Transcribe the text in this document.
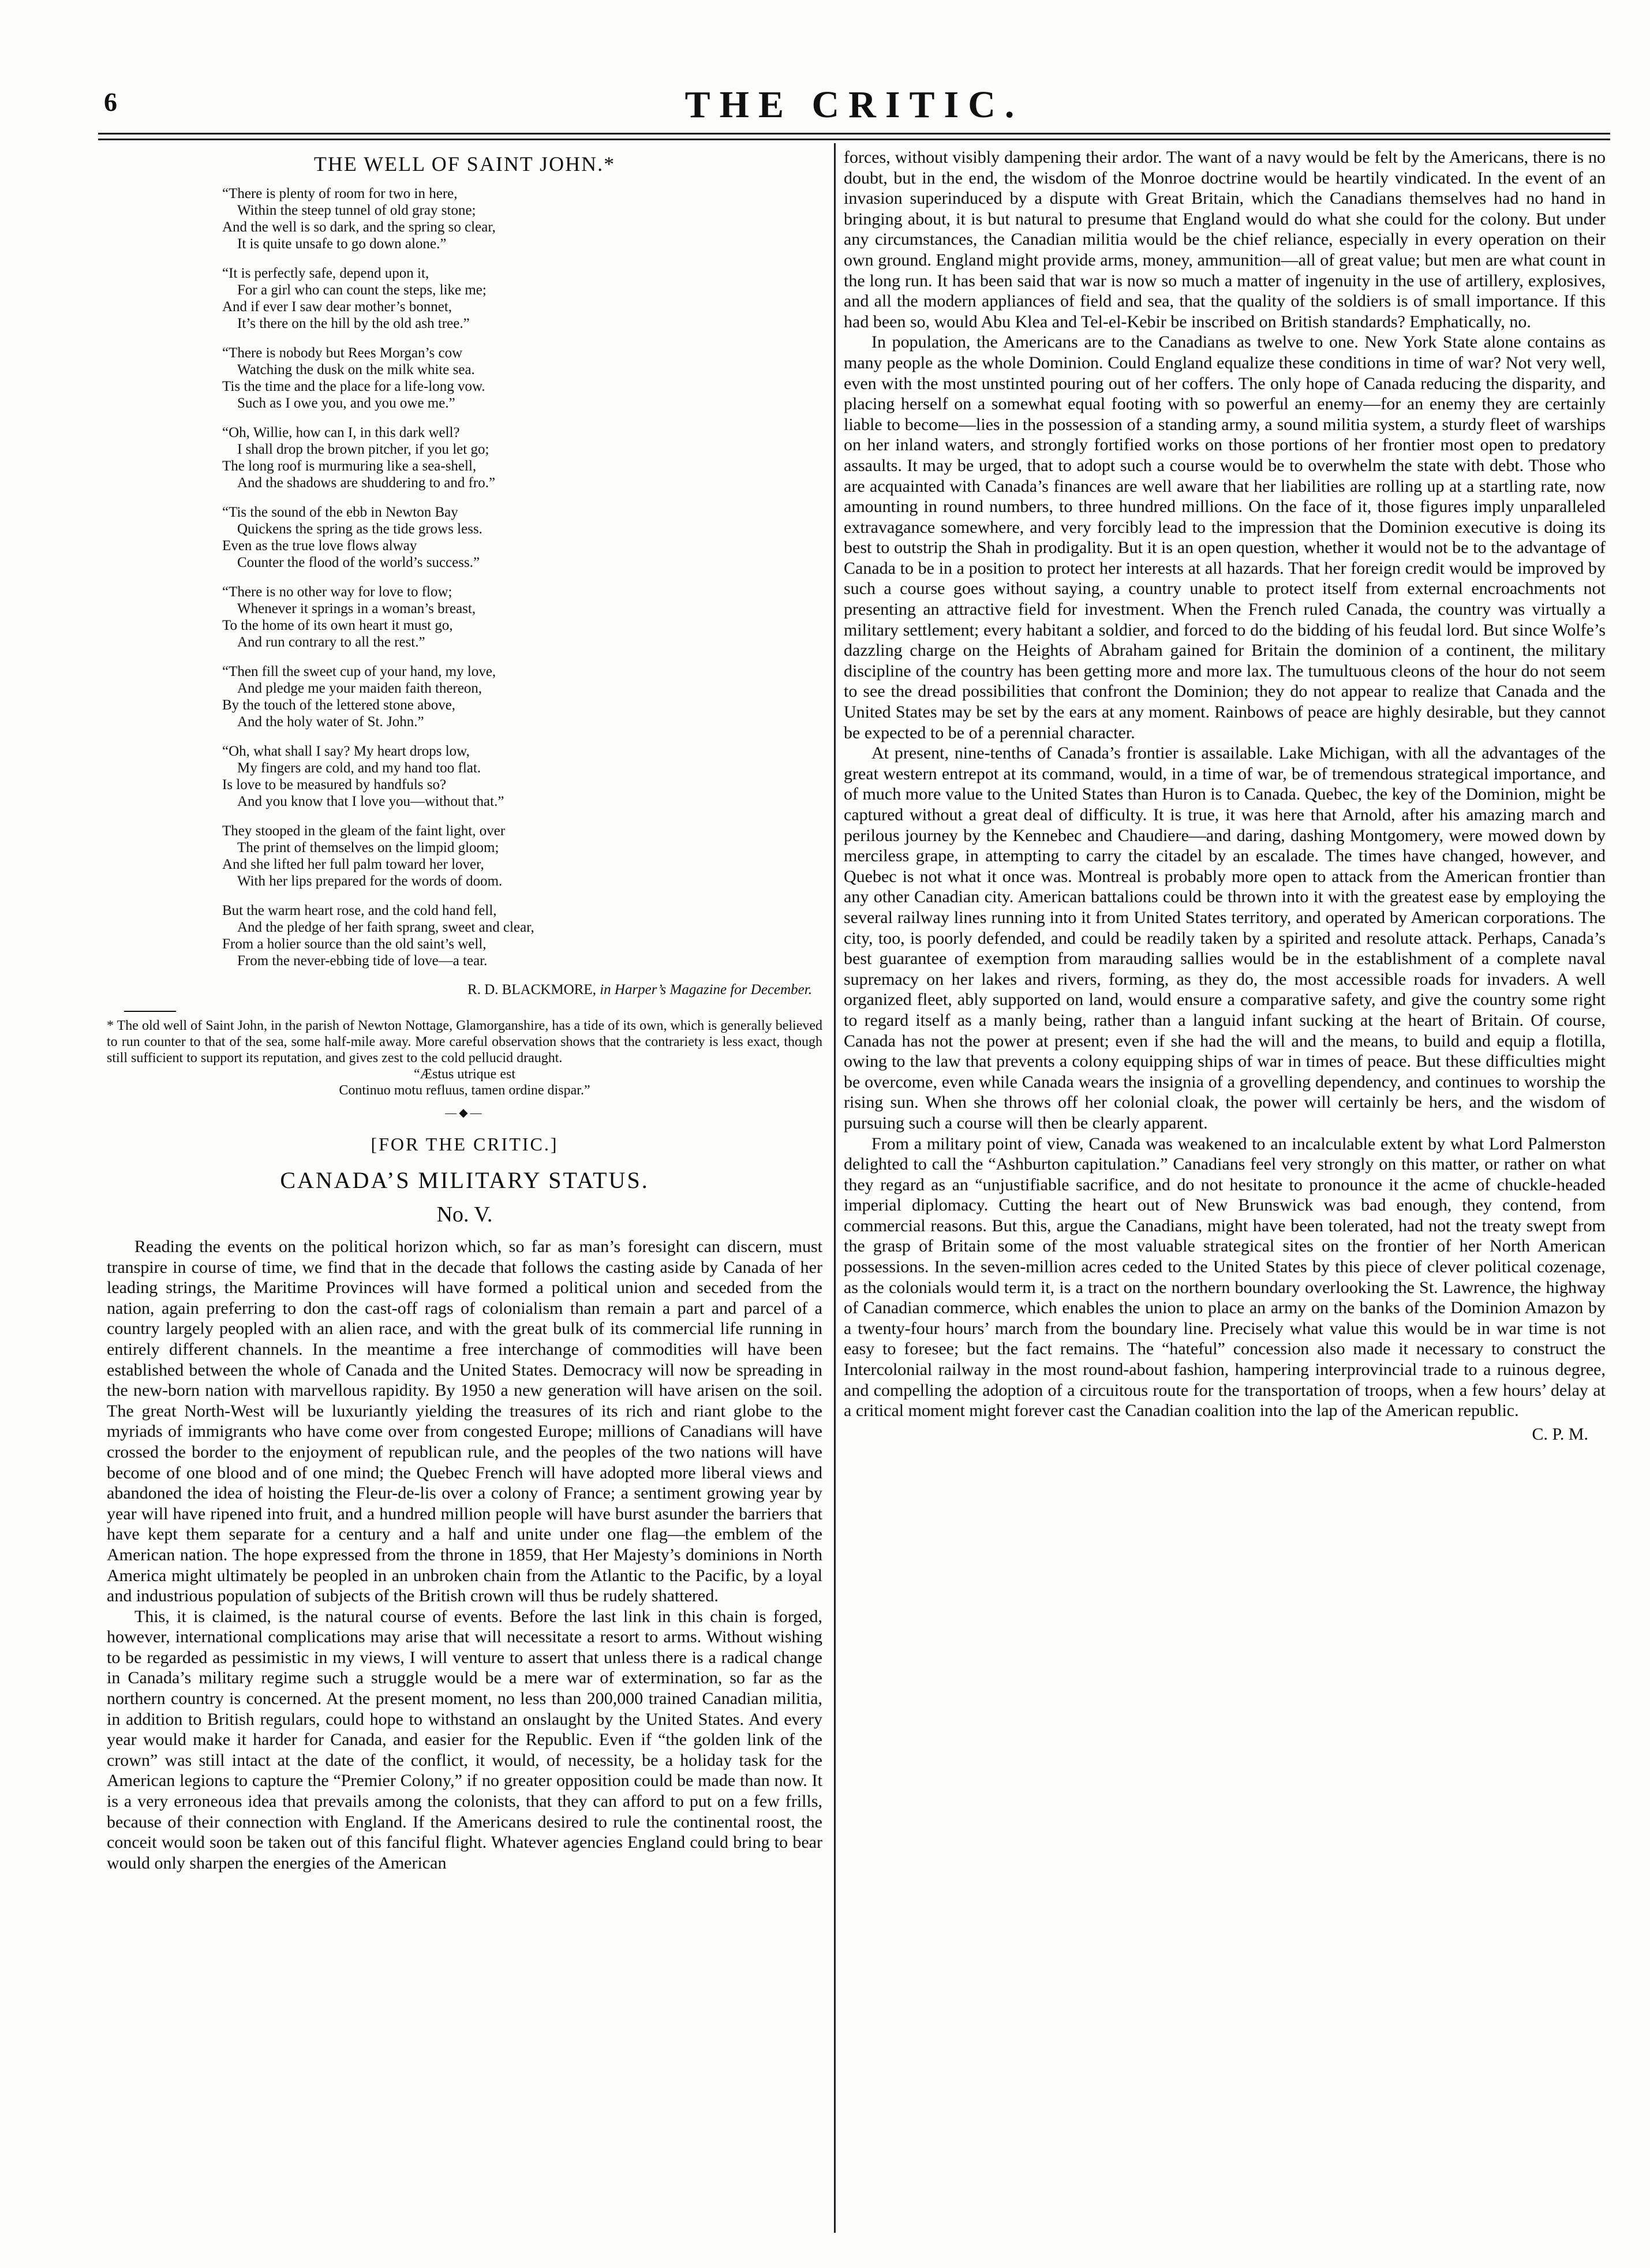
6	THE CRITIC.
THE WELL OF SAINT JOHN.*
“There is plenty of room for two in here,
Within the steep tunnel of old gray stone;
And the well is so dark, and the spring so clear,
It is quite unsafe to go down alone.”
“It is perfectly safe, depend upon it,
For a girl who can count the steps, like me;
And if ever I saw dear mother’s bonnet,
It’s there on the hill by the old ash tree.”
“There is nobody but Rees Morgan’s cow
Watching the dusk on the milk white sea.
Tis the time and the place for a life-long vow.
Such as I owe you, and you owe me.”
“Oh, Willie, how can I, in this dark well?
I shall drop the brown pitcher, if you let go;
The long roof is murmuring like a sea-shell,
And the shadows are shuddering to and fro.”
“Tis the sound of the ebb in Newton Bay
Quickens the spring as the tide grows less.
Even as the true love flows alway
Counter the flood of the world’s success.”
“There is no other way for love to flow;
Whenever it springs in a woman’s breast,
To the home of its own heart it must go,
And run contrary to all the rest.”
“Then fill the sweet cup of your hand, my love,
And pledge me your maiden faith thereon,
By the touch of the lettered stone above,
And the holy water of St. John.”
“Oh, what shall I say? My heart drops low,
My fingers are cold, and my hand too flat.
Is love to be measured by handfuls so?
And you know that I love you—without that.”
They stooped in the gleam of the faint light, over
The print of themselves on the limpid gloom;
And she lifted her full palm toward her lover,
With her lips prepared for the words of doom.
But the warm heart rose, and the cold hand fell,
And the pledge of her faith sprang, sweet and clear,
From a holier source than the old saint’s well,
From the never-ebbing tide of love—a tear.
R. D. BLACKMORE, in Harper’s Magazine for December.

* The old well of Saint John, in the parish of Newton Nottage, Glamorganshire, has a tide of its own, which is generally believed to run counter to that of the sea, some half-mile away. More careful observation shows that the contrariety is less exact, though still sufficient to support its reputation, and gives zest to the cold pellucid draught.

“Æstus utrique est
Continuo motu refluus, tamen ordine dispar.”
—◆—
[FOR THE CRITIC.]
CANADA’S MILITARY STATUS.
No. V.

Reading the events on the political horizon which, so far as man’s foresight can discern, must transpire in course of time, we find that in the decade that follows the casting aside by Canada of her leading strings, the Maritime Provinces will have formed a political union and seceded from the nation, again preferring to don the cast-off rags of colonialism than remain a part and parcel of a country largely peopled with an alien race, and with the great bulk of its commercial life running in entirely different channels. In the meantime a free interchange of commodities will have been established between the whole of Canada and the United States. Democracy will now be spreading in the new-born nation with marvellous rapidity. By 1950 a new generation will have arisen on the soil. The great North-West will be luxuriantly yielding the treasures of its rich and riant globe to the myriads of immigrants who have come over from congested Europe; millions of Canadians will have crossed the border to the enjoyment of republican rule, and the peoples of the two nations will have become of one blood and of one mind; the Quebec French will have adopted more liberal views and abandoned the idea of hoisting the Fleur-de-lis over a colony of France; a sentiment growing year by year will have ripened into fruit, and a hundred million people will have burst asunder the barriers that have kept them separate for a century and a half and unite under one flag—the emblem of the American nation. The hope expressed from the throne in 1859, that Her Majesty’s dominions in North America might ultimately be peopled in an unbroken chain from the Atlantic to the Pacific, by a loyal and industrious population of subjects of the British crown will thus be rudely shattered.

This, it is claimed, is the natural course of events. Before the last link in this chain is forged, however, international complications may arise that will necessitate a resort to arms. Without wishing to be regarded as pessimistic in my views, I will venture to assert that unless there is a radical change in Canada’s military regime such a struggle would be a mere war of extermination, so far as the northern country is concerned. At the present moment, no less than 200,000 trained Canadian militia, in addition to British regulars, could hope to withstand an onslaught by the United States. And every year would make it harder for Canada, and easier for the Republic. Even if “the golden link of the crown” was still intact at the date of the conflict, it would, of necessity, be a holiday task for the American legions to capture the “Premier Colony,” if no greater opposition could be made than now. It is a very erroneous idea that prevails among the colonists, that they can afford to put on a few frills, because of their connection with England. If the Americans desired to rule the continental roost, the conceit would soon be taken out of this fanciful flight. Whatever agencies England could bring to bear would only sharpen the energies of the American

forces, without visibly dampening their ardor. The want of a navy would be felt by the Americans, there is no doubt, but in the end, the wisdom of the Monroe doctrine would be heartily vindicated. In the event of an invasion superinduced by a dispute with Great Britain, which the Canadians themselves had no hand in bringing about, it is but natural to presume that England would do what she could for the colony. But under any circumstances, the Canadian militia would be the chief reliance, especially in every operation on their own ground. England might provide arms, money, ammunition—all of great value; but men are what count in the long run. It has been said that war is now so much a matter of ingenuity in the use of artillery, explosives, and all the modern appliances of field and sea, that the quality of the soldiers is of small importance. If this had been so, would Abu Klea and Tel-el-Kebir be inscribed on British standards? Emphatically, no.

In population, the Americans are to the Canadians as twelve to one. New York State alone contains as many people as the whole Dominion. Could England equalize these conditions in time of war? Not very well, even with the most unstinted pouring out of her coffers. The only hope of Canada reducing the disparity, and placing herself on a somewhat equal footing with so powerful an enemy—for an enemy they are certainly liable to become—lies in the possession of a standing army, a sound militia system, a sturdy fleet of warships on her inland waters, and strongly fortified works on those portions of her frontier most open to predatory assaults. It may be urged, that to adopt such a course would be to overwhelm the state with debt. Those who are acquainted with Canada’s finances are well aware that her liabilities are rolling up at a startling rate, now amounting in round numbers, to three hundred millions. On the face of it, those figures imply unparalleled extravagance somewhere, and very forcibly lead to the impression that the Dominion executive is doing its best to outstrip the Shah in prodigality. But it is an open question, whether it would not be to the advantage of Canada to be in a position to protect her interests at all hazards. That her foreign credit would be improved by such a course goes without saying, a country unable to protect itself from external encroachments not presenting an attractive field for investment. When the French ruled Canada, the country was virtually a military settlement; every habitant a soldier, and forced to do the bidding of his feudal lord. But since Wolfe’s dazzling charge on the Heights of Abraham gained for Britain the dominion of a continent, the military discipline of the country has been getting more and more lax. The tumultuous cleons of the hour do not seem to see the dread possibilities that confront the Dominion; they do not appear to realize that Canada and the United States may be set by the ears at any moment. Rainbows of peace are highly desirable, but they cannot be expected to be of a perennial character.

At present, nine-tenths of Canada’s frontier is assailable. Lake Michigan, with all the advantages of the great western entrepot at its command, would, in a time of war, be of tremendous strategical importance, and of much more value to the United States than Huron is to Canada. Quebec, the key of the Dominion, might be captured without a great deal of difficulty. It is true, it was here that Arnold, after his amazing march and perilous journey by the Kennebec and Chaudiere—and daring, dashing Montgomery, were mowed down by merciless grape, in attempting to carry the citadel by an escalade. The times have changed, however, and Quebec is not what it once was. Montreal is probably more open to attack from the American frontier than any other Canadian city. American battalions could be thrown into it with the greatest ease by employing the several railway lines running into it from United States territory, and operated by American corporations. The city, too, is poorly defended, and could be readily taken by a spirited and resolute attack. Perhaps, Canada’s best guarantee of exemption from marauding sallies would be in the establishment of a complete naval supremacy on her lakes and rivers, forming, as they do, the most accessible roads for invaders. A well organized fleet, ably supported on land, would ensure a comparative safety, and give the country some right to regard itself as a manly being, rather than a languid infant sucking at the heart of Britain. Of course, Canada has not the power at present; even if she had the will and the means, to build and equip a flotilla, owing to the law that prevents a colony equipping ships of war in times of peace. But these difficulties might be overcome, even while Canada wears the insignia of a grovelling dependency, and continues to worship the rising sun. When she throws off her colonial cloak, the power will certainly be hers, and the wisdom of pursuing such a course will then be clearly apparent.

From a military point of view, Canada was weakened to an incalculable extent by what Lord Palmerston delighted to call the “Ashburton capitulation.” Canadians feel very strongly on this matter, or rather on what they regard as an “unjustifiable sacrifice, and do not hesitate to pronounce it the acme of chuckle-headed imperial diplomacy. Cutting the heart out of New Brunswick was bad enough, they contend, from commercial reasons. But this, argue the Canadians, might have been tolerated, had not the treaty swept from the grasp of Britain some of the most valuable strategical sites on the frontier of her North American possessions. In the seven-million acres ceded to the United States by this piece of clever political cozenage, as the colonials would term it, is a tract on the northern boundary overlooking the St. Lawrence, the highway of Canadian commerce, which enables the union to place an army on the banks of the Dominion Amazon by a twenty-four hours’ march from the boundary line. Precisely what value this would be in war time is not easy to foresee; but the fact remains. The “hateful” concession also made it necessary to construct the Intercolonial railway in the most round-about fashion, hampering interprovincial trade to a ruinous degree, and compelling the adoption of a circuitous route for the transportation of troops, when a few hours’ delay at a critical moment might forever cast the Canadian coalition into the lap of the American republic.

C. P. M.
